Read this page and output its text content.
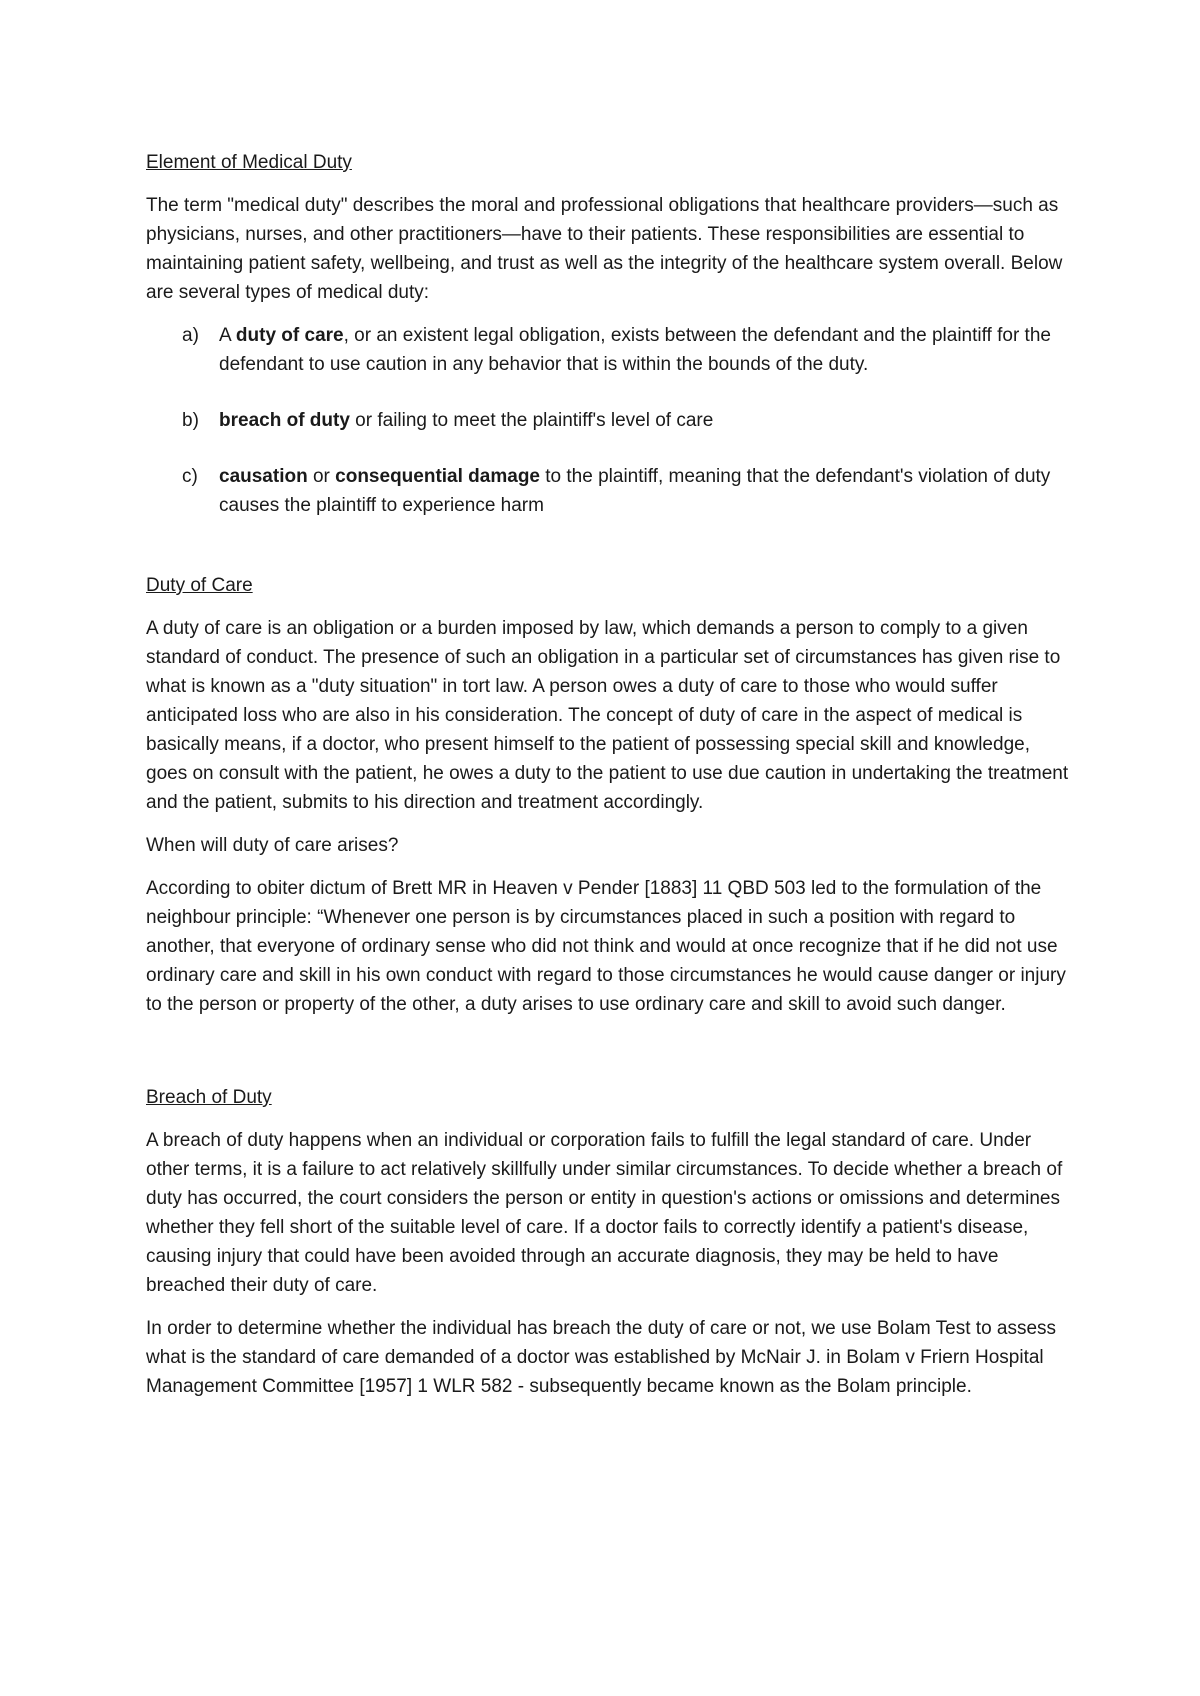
Element of Medical Duty

The term "medical duty" describes the moral and professional obligations that healthcare providers—such as physicians, nurses, and other practitioners—have to their patients. These responsibilities are essential to maintaining patient safety, wellbeing, and trust as well as the integrity of the healthcare system overall. Below are several types of medical duty:

a) A duty of care, or an existent legal obligation, exists between the defendant and the plaintiff for the defendant to use caution in any behavior that is within the bounds of the duty.
b) breach of duty or failing to meet the plaintiff's level of care
c) causation or consequential damage to the plaintiff, meaning that the defendant's violation of duty causes the plaintiff to experience harm
Duty of Care

A duty of care is an obligation or a burden imposed by law, which demands a person to comply to a given standard of conduct. The presence of such an obligation in a particular set of circumstances has given rise to what is known as a "duty situation" in tort law. A person owes a duty of care to those who would suffer anticipated loss who are also in his consideration. The concept of duty of care in the aspect of medical is basically means, if a doctor, who present himself to the patient of possessing special skill and knowledge, goes on consult with the patient, he owes a duty to the patient to use due caution in undertaking the treatment and the patient, submits to his direction and treatment accordingly.

When will duty of care arises?

According to obiter dictum of Brett MR in Heaven v Pender [1883] 11 QBD 503 led to the formulation of the neighbour principle: “Whenever one person is by circumstances placed in such a position with regard to another, that everyone of ordinary sense who did not think and would at once recognize that if he did not use ordinary care and skill in his own conduct with regard to those circumstances he would cause danger or injury to the person or property of the other, a duty arises to use ordinary care and skill to avoid such danger.

Breach of Duty

A breach of duty happens when an individual or corporation fails to fulfill the legal standard of care. Under other terms, it is a failure to act relatively skillfully under similar circumstances. To decide whether a breach of duty has occurred, the court considers the person or entity in question's actions or omissions and determines whether they fell short of the suitable level of care. If a doctor fails to correctly identify a patient's disease, causing injury that could have been avoided through an accurate diagnosis, they may be held to have breached their duty of care.

In order to determine whether the individual has breach the duty of care or not, we use Bolam Test to assess what is the standard of care demanded of a doctor was established by McNair J. in Bolam v Friern Hospital Management Committee [1957] 1 WLR 582 - subsequently became known as the Bolam principle.
